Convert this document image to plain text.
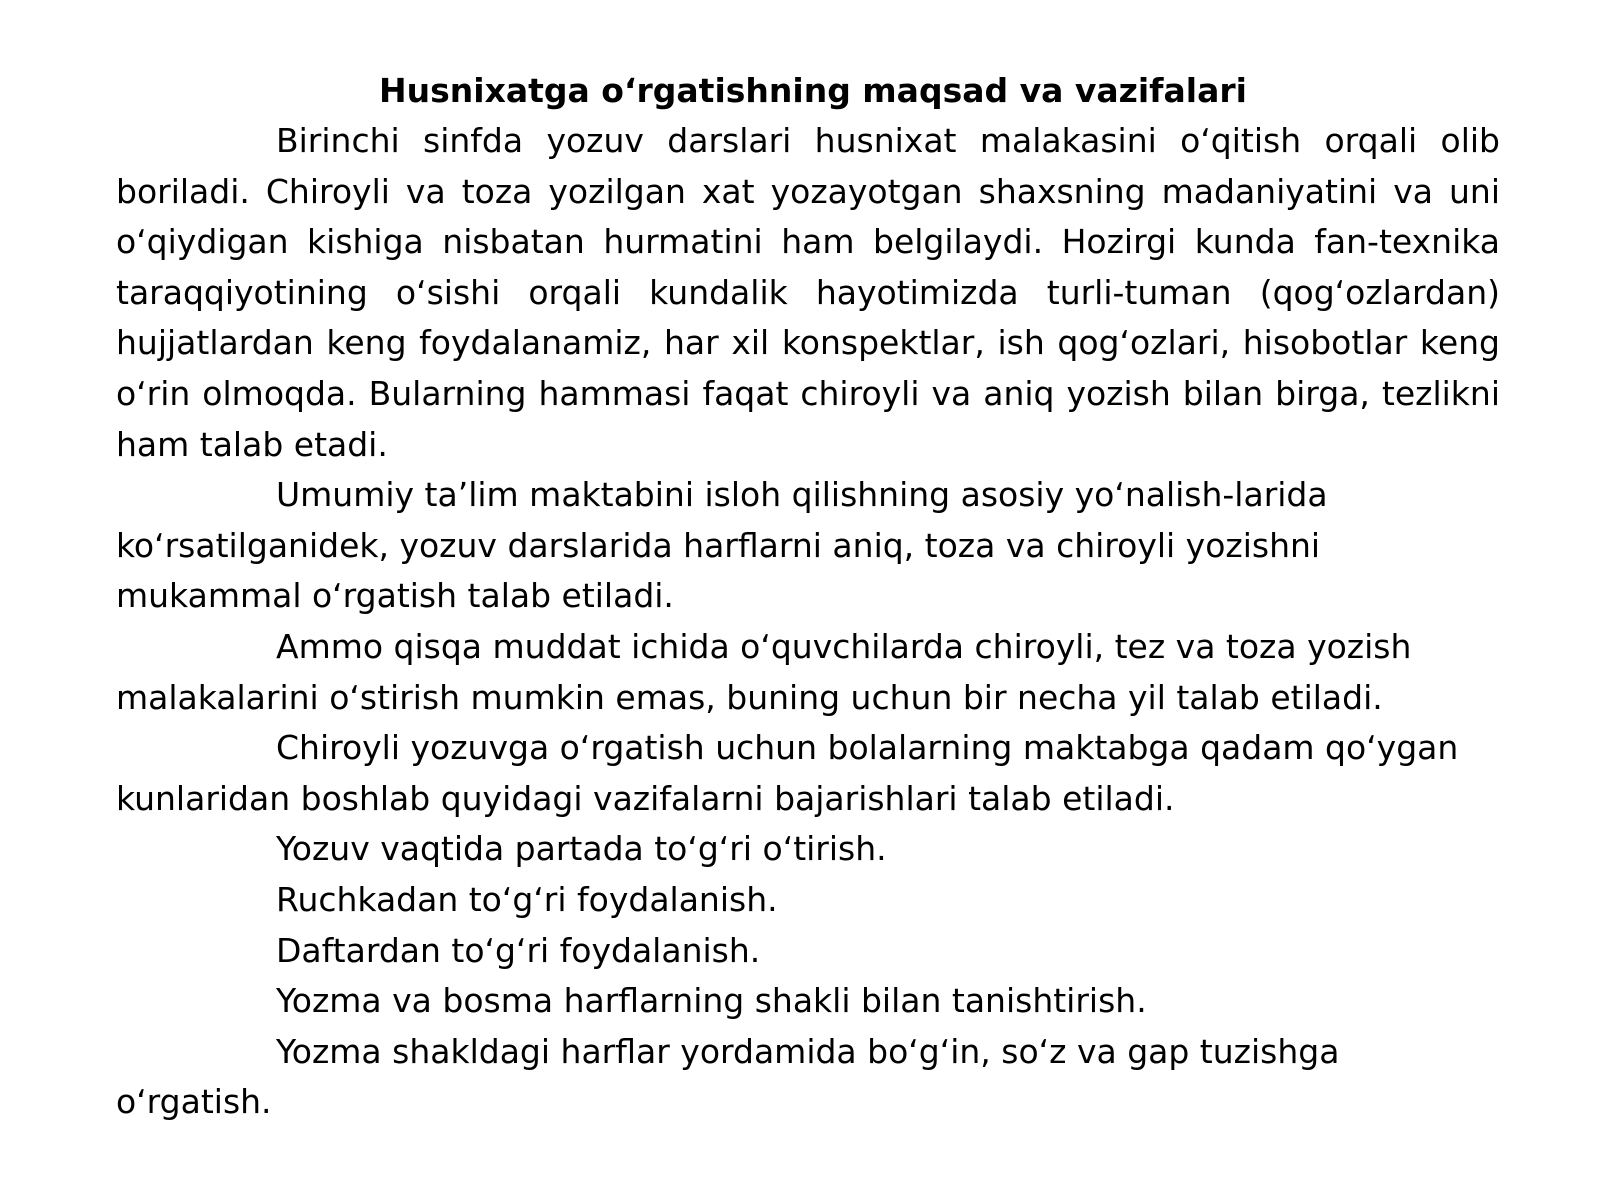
Husnixatga o‘rgatishning maqsad va vazifalari

Birinchi sinfda yozuv darslari husnixat malakasini o‘qitish orqali olib boriladi. Chiroyli va toza yozilgan xat yozayotgan shaxsning madaniyatini va uni o‘qiydigan kishiga nisbatan hurmatini ham belgilaydi. Hozirgi kunda fan-texnika taraqqiyotining o‘sishi orqali kundalik hayotimizda turli-tuman (qog‘ozlardan) hujjatlardan keng foydalanamiz, har xil konspektlar, ish qog‘ozlari, hisobotlar keng o‘rin olmoqda. Bularning hammasi faqat chiroyli va aniq yozish bilan birga, tezlikni ham talab etadi.

Umumiy ta’lim maktabini isloh qilishning asosiy yo‘nalish-larida ko‘rsatilganidek, yozuv darslarida harflarni aniq, toza va chiroyli yozishni mukammal o‘rgatish talab etiladi.

Ammo qisqa muddat ichida o‘quvchilarda chiroyli, tez va toza yozish malakalarini o‘stirish mumkin emas, buning uchun bir necha yil talab etiladi.

Chiroyli yozuvga o‘rgatish uchun bolalarning maktabga qadam qo‘ygan kunlaridan boshlab quyidagi vazifalarni bajarishlari talab etiladi.

Yozuv vaqtida partada to‘g‘ri o‘tirish.

Ruchkadan to‘g‘ri foydalanish.

Daftardan to‘g‘ri foydalanish.

Yozma va bosma harflarning shakli bilan tanishtirish.

Yozma shakldagi harflar yordamida bo‘g‘in, so‘z va gap tuzishga o‘rgatish.
